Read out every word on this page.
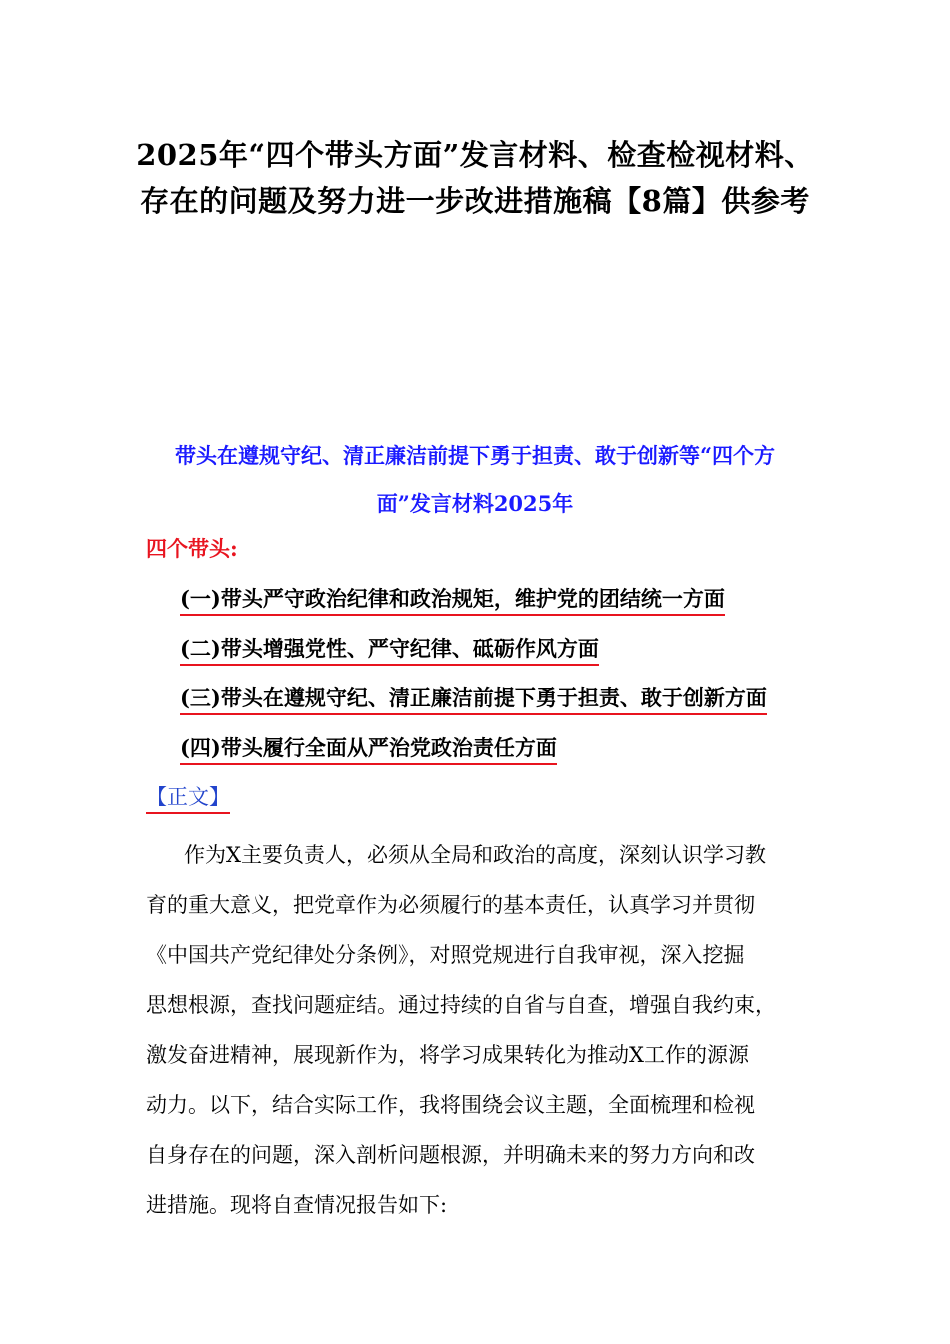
2025年“四个带头方面”发言材料、检查检视材料、
存在的问题及努力进一步改进措施稿【8篇】供参考
带头在遵规守纪、清正廉洁前提下勇于担责、敢于创新等“四个方
面”发言材料2025年
四个带头:
(一)带头严守政治纪律和政治规矩，维护党的团结统一方面
(二)带头增强党性、严守纪律、砥砺作风方面
(三)带头在遵规守纪、清正廉洁前提下勇于担责、敢于创新方面
(四)带头履行全面从严治党政治责任方面
【正文】
作为X主要负责人，必须从全局和政治的高度，深刻认识学习教
育的重大意义，把党章作为必须履行的基本责任，认真学习并贯彻
《中国共产党纪律处分条例》，对照党规进行自我审视，深入挖掘
思想根源，查找问题症结。通过持续的自省与自查，增强自我约束，
激发奋进精神，展现新作为，将学习成果转化为推动X工作的源源
动力。以下，结合实际工作，我将围绕会议主题，全面梳理和检视
自身存在的问题，深入剖析问题根源，并明确未来的努力方向和改
进措施。现将自查情况报告如下:
